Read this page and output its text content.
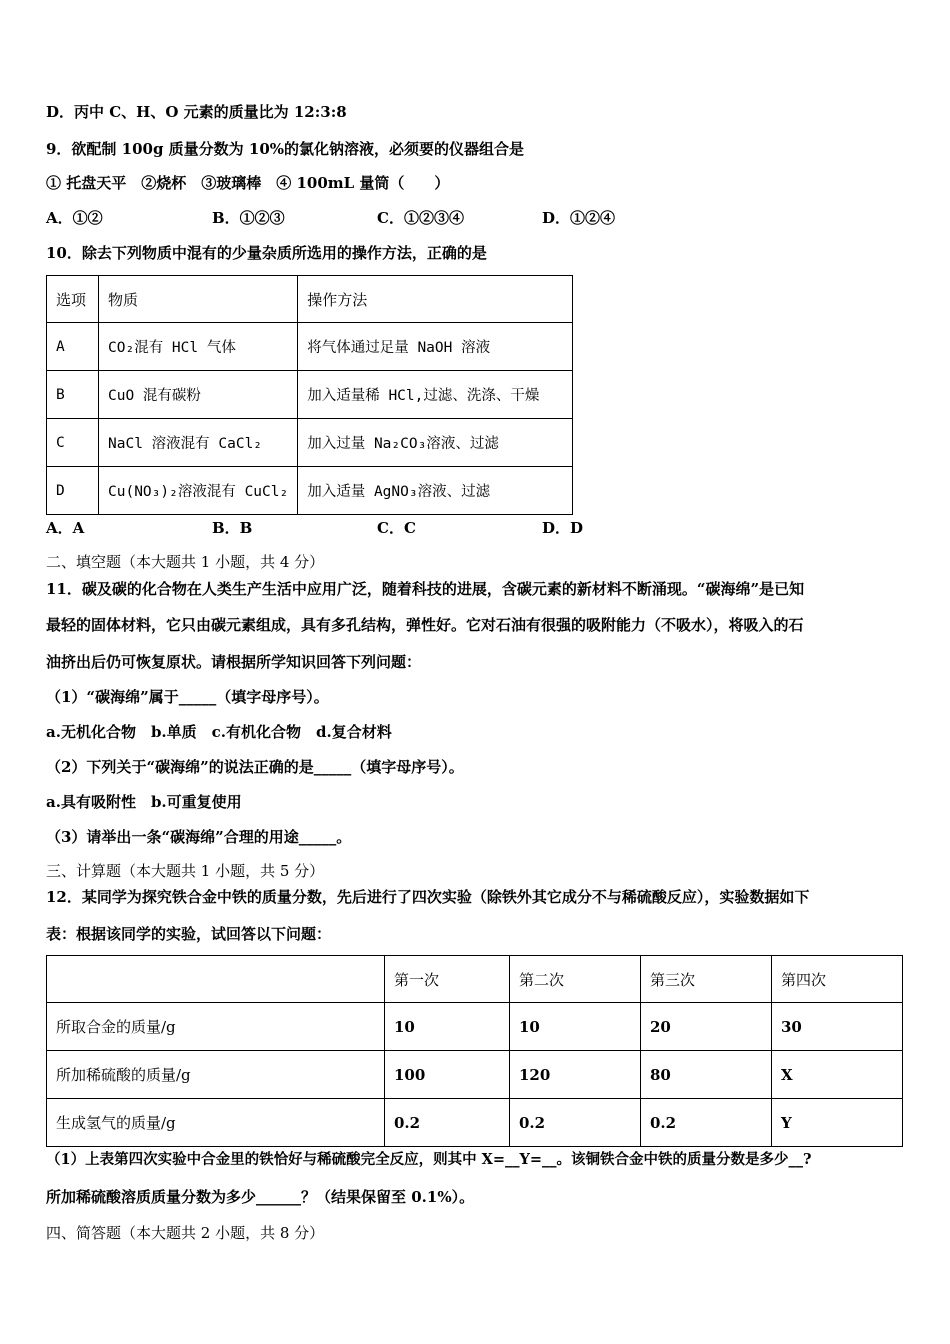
D．丙中 C、H、O 元素的质量比为 12:3:8
9．欲配制 100g 质量分数为 10%的氯化钠溶液，必须要的仪器组合是
① 托盘天平　②烧杯　③玻璃棒　④ 100mL 量筒（　　）
A．①②	B．①②③	C．①②③④	D．①②④
10．除去下列物质中混有的少量杂质所选用的操作方法，正确的是
选项	物质	操作方法
A	CO₂混有 HCl 气体	将气体通过足量 NaOH 溶液
B	CuO 混有碳粉	加入适量稀 HCl,过滤、洗涤、干燥
C	NaCl 溶液混有 CaCl₂	加入过量 Na₂CO₃溶液、过滤
D	Cu(NO₃)₂溶液混有 CuCl₂	加入适量 AgNO₃溶液、过滤
A．A	B．B	C．C	D．D
二、填空题（本大题共 1 小题，共 4 分）
11．碳及碳的化合物在人类生产生活中应用广泛，随着科技的进展，含碳元素的新材料不断涌现。“碳海绵”是已知
最轻的固体材料，它只由碳元素组成，具有多孔结构，弹性好。它对石油有很强的吸附能力（不吸水），将吸入的石
油挤出后仍可恢复原状。请根据所学知识回答下列问题：
（1）“碳海绵”属于_____（填字母序号）。
a.无机化合物　b.单质　c.有机化合物　d.复合材料
（2）下列关于“碳海绵”的说法正确的是_____（填字母序号）。
a.具有吸附性　b.可重复使用
（3）请举出一条“碳海绵”合理的用途_____。
三、计算题（本大题共 1 小题，共 5 分）
12．某同学为探究铁合金中铁的质量分数，先后进行了四次实验（除铁外其它成分不与稀硫酸反应），实验数据如下
表：根据该同学的实验，试回答以下问题：
	第一次	第二次	第三次	第四次
所取合金的质量/g	10	10	20	30
所加稀硫酸的质量/g	100	120	80	X
生成氢气的质量/g	0.2	0.2	0.2	Y
（1）上表第四次实验中合金里的铁恰好与稀硫酸完全反应，则其中 X=__Y=__。该铜铁合金中铁的质量分数是多少__?
所加稀硫酸溶质质量分数为多少______？（结果保留至 0.1%）。
四、简答题（本大题共 2 小题，共 8 分）
